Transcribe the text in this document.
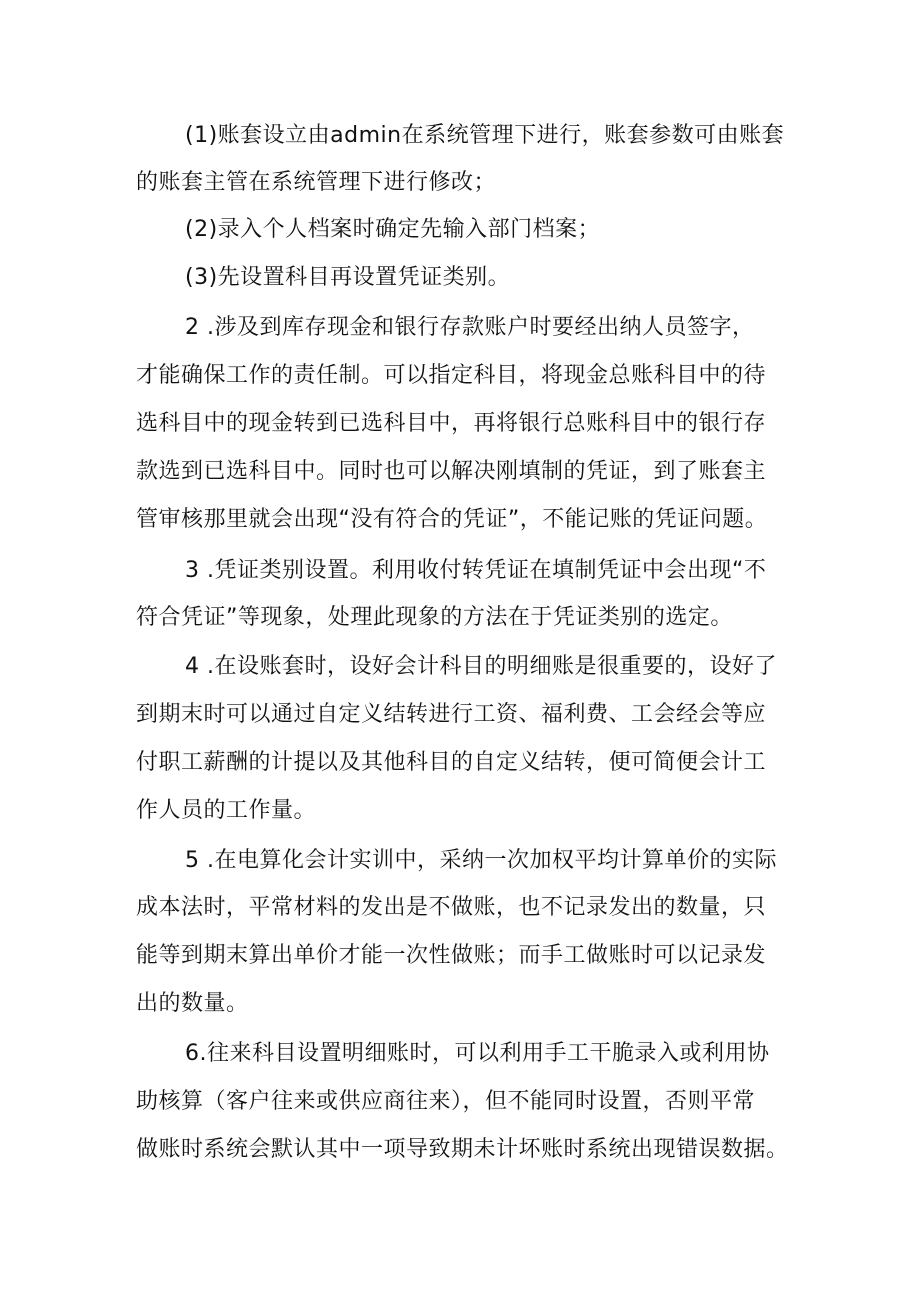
(1)账套设立由admin在系统管理下进行，账套参数可由账套

的账套主管在系统管理下进行修改；

(2)录入个人档案时确定先输入部门档案；

(3)先设置科目再设置凭证类别。

2 .涉及到库存现金和银行存款账户时要经出纳人员签字，

才能确保工作的责任制。可以指定科目，将现金总账科目中的待

选科目中的现金转到已选科目中，再将银行总账科目中的银行存

款选到已选科目中。同时也可以解决刚填制的凭证，到了账套主

管审核那里就会出现“没有符合的凭证”，不能记账的凭证问题。

3 .凭证类别设置。利用收付转凭证在填制凭证中会出现“不

符合凭证”等现象，处理此现象的方法在于凭证类别的选定。

4 .在设账套时，设好会计科目的明细账是很重要的，设好了

到期末时可以通过自定义结转进行工资、福利费、工会经会等应

付职工薪酬的计提以及其他科目的自定义结转，便可简便会计工

作人员的工作量。

5 .在电算化会计实训中，采纳一次加权平均计算单价的实际

成本法时，平常材料的发出是不做账，也不记录发出的数量，只

能等到期末算出单价才能一次性做账；而手工做账时可以记录发

出的数量。

6.往来科目设置明细账时，可以利用手工干脆录入或利用协

助核算（客户往来或供应商往来），但不能同时设置，否则平常

做账时系统会默认其中一项导致期未计坏账时系统出现错误数据。
